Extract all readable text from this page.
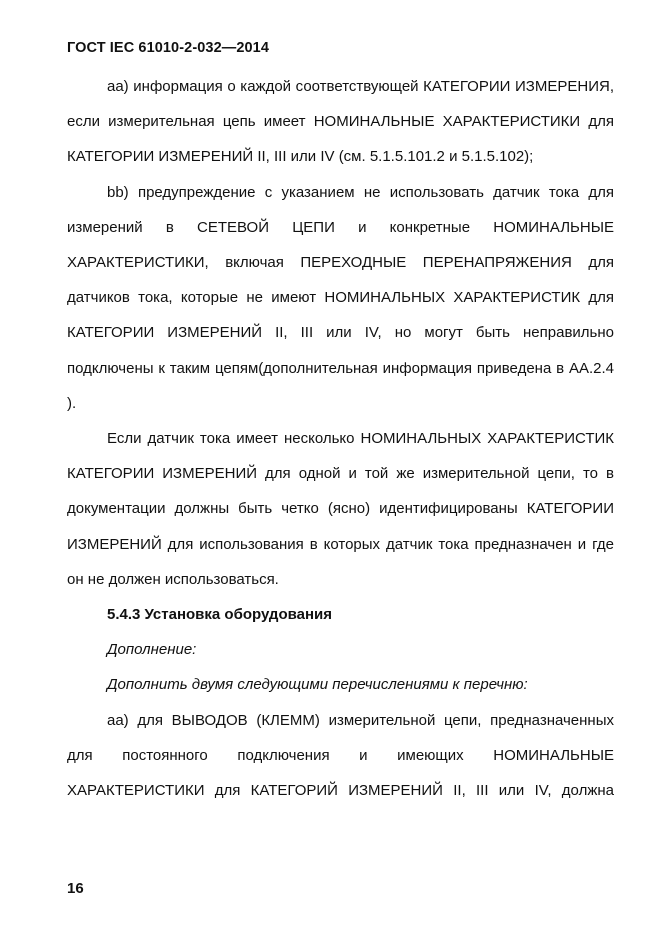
ГОСТ IEC 61010-2-032—2014

аа) информация о каждой соответствующей КАТЕГОРИИ ИЗМЕРЕНИЯ, если измерительная цепь имеет НОМИНАЛЬНЫЕ ХАРАКТЕРИСТИКИ для КАТЕГОРИИ ИЗМЕРЕНИЙ II, III или IV (см. 5.1.5.101.2 и 5.1.5.102);

bb) предупреждение с указанием не использовать датчик тока для измерений в СЕТЕВОЙ ЦЕПИ и конкретные НОМИНАЛЬНЫЕ ХАРАКТЕРИСТИКИ, включая ПЕРЕХОДНЫЕ ПЕРЕНАПРЯЖЕНИЯ для датчиков тока, которые не имеют НОМИНАЛЬНЫХ ХАРАКТЕРИСТИК для КАТЕГОРИИ ИЗМЕРЕНИЙ II, III или IV, но могут быть неправильно подключены к таким цепям(дополнительная информация приведена в АА.2.4 ).

Если датчик тока имеет несколько НОМИНАЛЬНЫХ ХАРАКТЕРИСТИК КАТЕГОРИИ ИЗМЕРЕНИЙ для одной и той же измерительной цепи, то в документации должны быть четко (ясно) идентифицированы КАТЕГОРИИ ИЗМЕРЕНИЙ для использования в которых датчик тока предназначен и где он не должен использоваться.

5.4.3 Установка оборудования

Дополнение:

Дополнить двумя следующими перечислениями к перечню:

аа) для ВЫВОДОВ (КЛЕММ) измерительной цепи, предназначенных для постоянного подключения и имеющих НОМИНАЛЬНЫЕ ХАРАКТЕРИСТИКИ для КАТЕГОРИЙ ИЗМЕРЕНИЙ II, III или IV, должна

16
